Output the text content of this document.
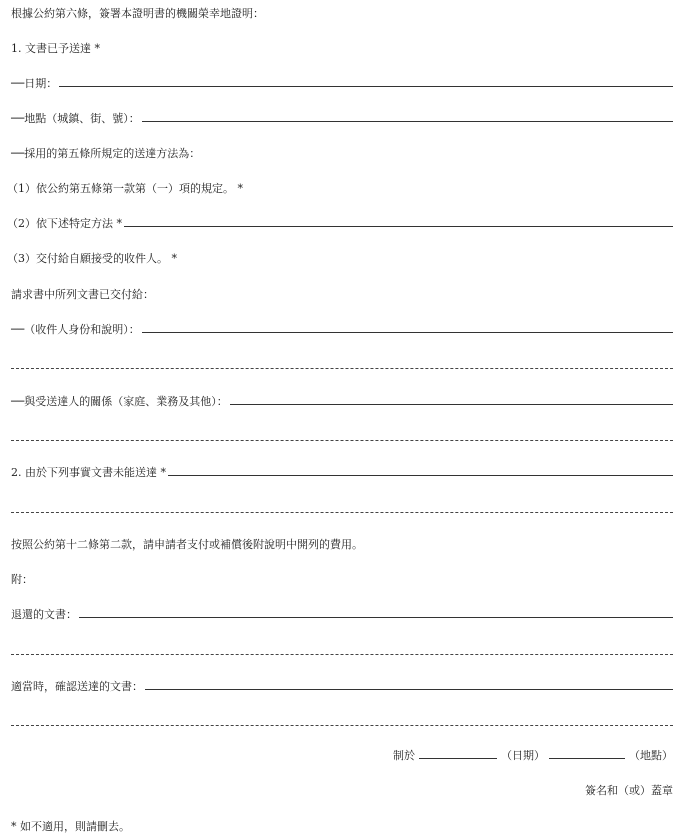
根據公約第六條，簽署本證明書的機關榮幸地證明：
1. 文書已予送達 *
──日期：
──地點（城鎮、街、號）：
──採用的第五條所規定的送達方法為：
（1）依公約第五條第一款第（一）項的規定。 *
（2）依下述特定方法 *
（3）交付給自願接受的收件人。 *
請求書中所列文書已交付給：
──（收件人身份和說明）：
──與受送達人的關係（家庭、業務及其他）：
2. 由於下列事實文書未能送達 *
按照公約第十二條第二款，請申請者支付或補償後附說明中開列的費用。
附：
退還的文書：
適當時，確認送達的文書：
制於	（日期）	（地點）
簽名和（或）蓋章
* 如不適用，則請刪去。
